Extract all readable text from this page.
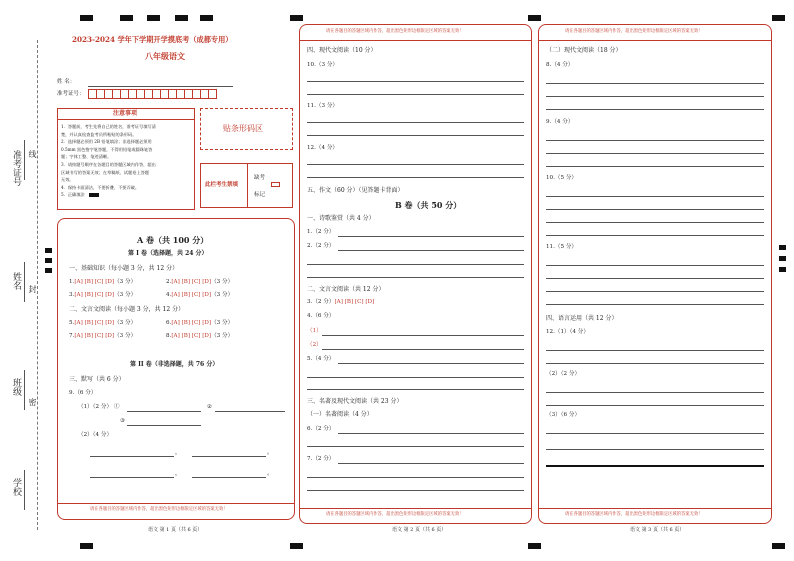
准考证号 线
姓名 封
班级
密
学校
2023-2024 学年下学期开学摸底考（成都专用）
八年级语文
姓 名：
准考证号：
注意事项
1．答题前，考生先将自己的姓名，准考证号填写清
楚，并认真检查监考员所粘贴的条形码。
2．选择题必须用 2B 铅笔填涂；非选择题必须用
0.5mm 黑色签字笔答题，不得用铅笔或圆珠笔答
题；字体工整、笔迹清晰。
3．请按题号顺序在各题目的答题区域内作答，超出
区域书写的答案无效；在草稿纸、试题卷上答题
无效。
4．保持卡面清洁，不要折叠、不要弄破。
5．正确填涂
贴条形码区
此栏考生禁填
缺考
标记
A 卷（共 100 分）
第 I 卷（选择题，共 24 分）
一、基础知识（每小题 3 分，共 12 分）
1.[A] [B] [C] [D]（3 分）	2.[A] [B] [C] [D]（3 分）
3.[A] [B] [C] [D]（3 分）	4.[A] [B] [C] [D]（3 分）
二、文言文阅读（每小题 3 分，共 12 分）
5.[A] [B] [C] [D]（3 分）	6.[A] [B] [C] [D]（3 分）
7.[A] [B] [C] [D]（3 分）	8.[A] [B] [C] [D]（3 分）
第 II 卷（非选择题，共 76 分）
三、默写（共 6 分）
9.（6 分）
（1）（2 分） ①	②
③
（2）（4 分）
，	。
，	。
请在各题目的答题区域内作答，超出黑色矩形边框限定区域的答案无效！
语文 第 1 页（共 6 页）
请在各题目的答题区域内作答，超出黑色矩形边框限定区域的答案无效！
四、现代文阅读（10 分）
10.（3 分）
11.（3 分）
12.（4 分）
五、作文（60 分）（见答题卡背面）
B 卷（共 50 分）
一、诗歌鉴赏（共 4 分）
1.（2 分）
2.（2 分）
二、文言文阅读（共 12 分）
3.（2 分）[A] [B] [C] [D]
4.（6 分）
（1）
（2）
5.（4 分）
三、名著及现代文阅读（共 23 分）
（一）名著阅读（4 分）
6.（2 分）
7.（2 分）
请在各题目的答题区域内作答，超出黑色矩形边框限定区域的答案无效！
语文 第 2 页（共 6 页）
请在各题目的答题区域内作答，超出黑色矩形边框限定区域的答案无效！
（二）现代文阅读（18 分）
8.（4 分）
9.（4 分）
10.（5 分）
11.（5 分）
四、语言运用（共 12 分）
12.（1）（4 分）
（2）（2 分）
（3）（6 分）
请在各题目的答题区域内作答，超出黑色矩形边框限定区域的答案无效！
语文 第 3 页（共 6 页）
